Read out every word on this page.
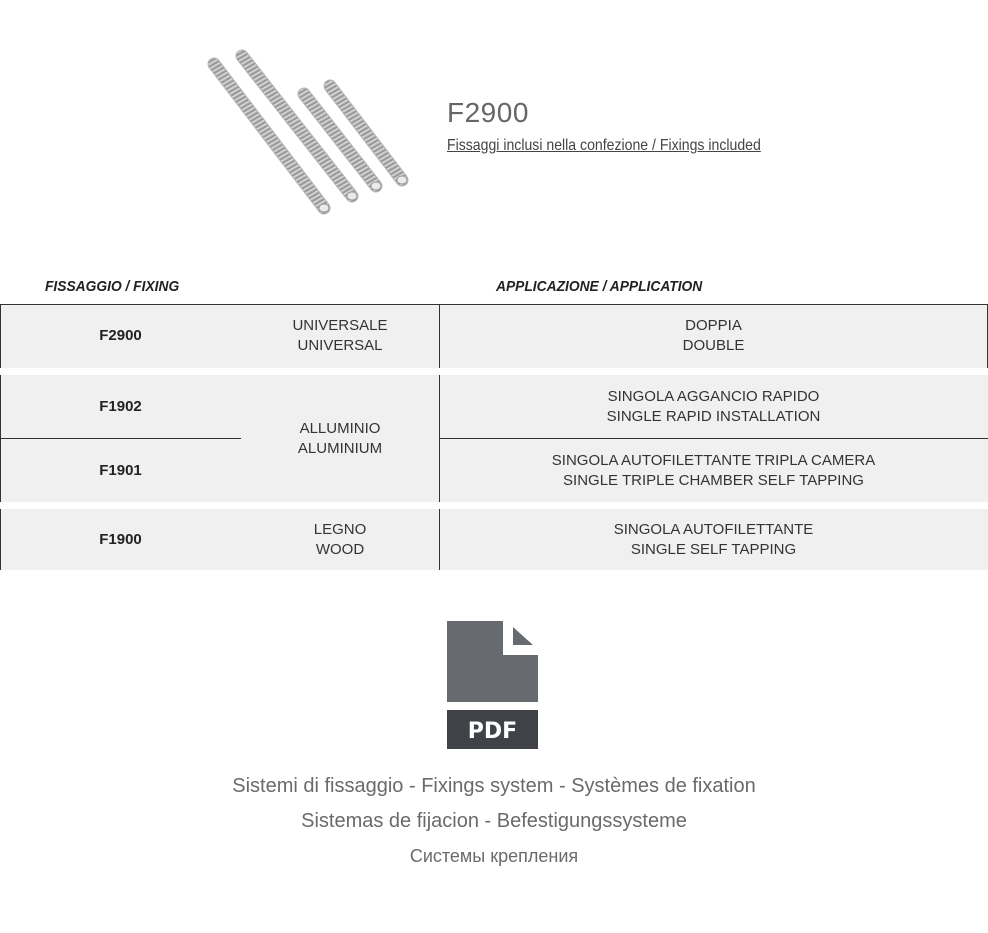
F2900
Fissaggi inclusi nella confezione / Fixings included
FISSAGGIO / FIXING	APPLICAZIONE / APPLICATION
F2900
UNIVERSALE
UNIVERSAL
DOPPIA
DOUBLE
F1902
SINGOLA AGGANCIO RAPIDO
SINGLE RAPID INSTALLATION
ALLUMINIO
ALUMINIUM
F1901
SINGOLA AUTOFILETTANTE TRIPLA CAMERA
SINGLE TRIPLE CHAMBER SELF TAPPING
F1900
LEGNO
WOOD
SINGOLA AUTOFILETTANTE
SINGLE SELF TAPPING
PDF
Sistemi di fissaggio - Fixings system - Systèmes de fixation
Sistemas de fijacion - Befestigungssysteme
Системы крепления
